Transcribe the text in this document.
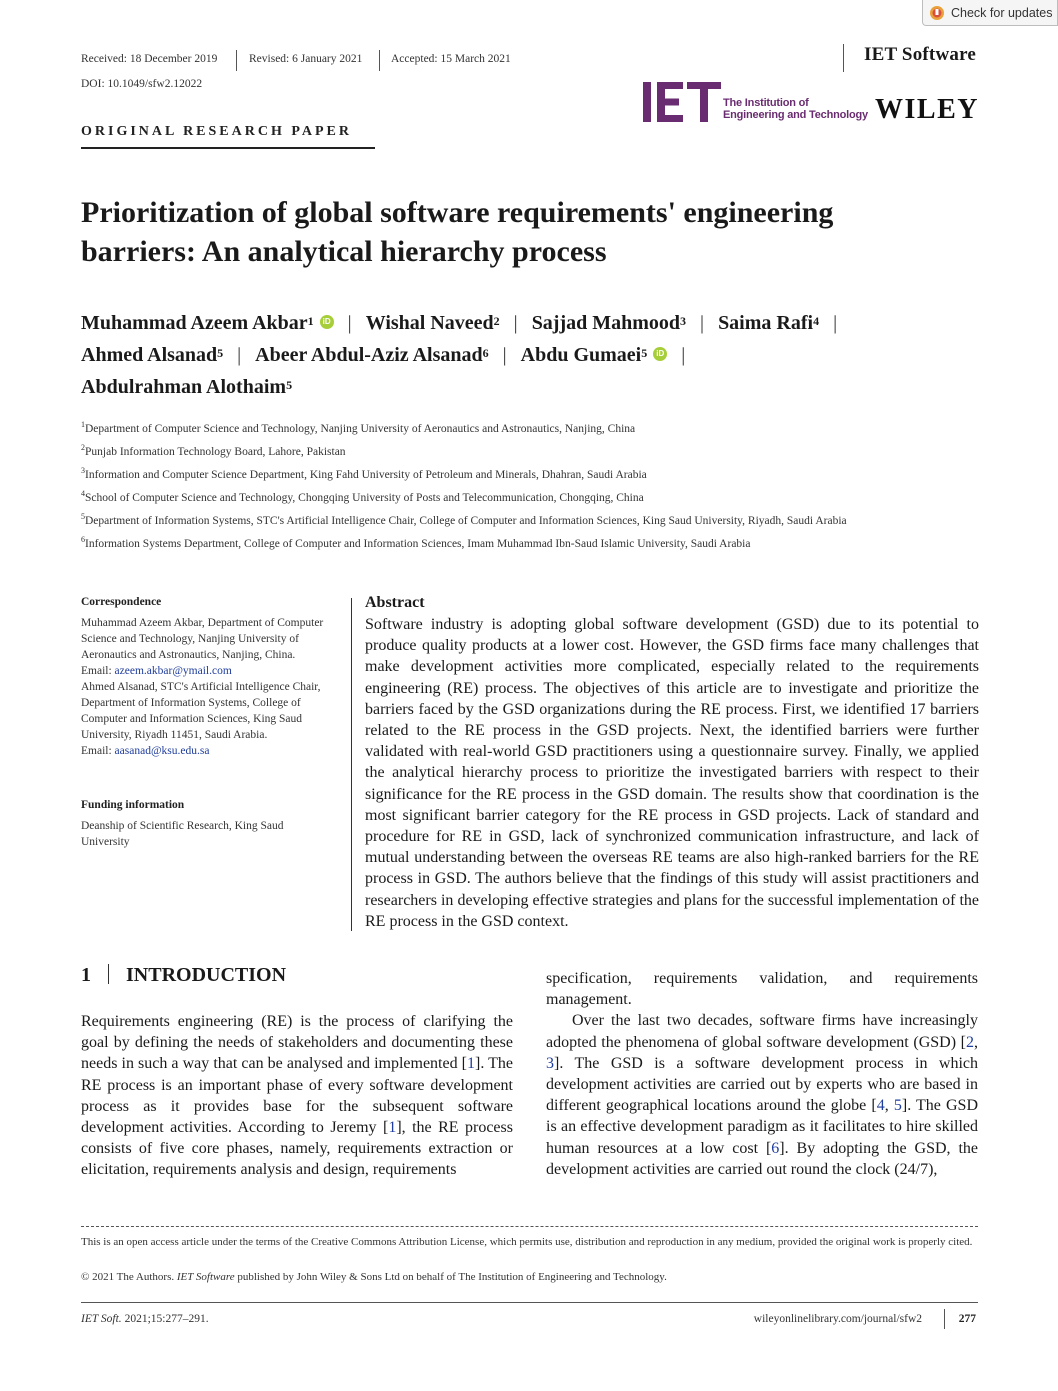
Check for updates
Received: 18 December 2019	Revised: 6 January 2021 Accepted: 15 March 2021	IET Software
DOI: 10.1049/sfw2.12022
The Institution of
Engineering and Technology WILEY
ORIGINAL RESEARCH PAPER
Prioritization of global software requirements' engineering barriers: An analytical hierarchy process
Muhammad Azeem Akbar$^1$ iD | Wishal Naveed$^2$ | Sajjad Mahmood$^3$ | Saima Rafi$^4$ |
Ahmed Alsanad$^5$ | Abeer Abdul-Aziz Alsanad$^6$ | Abdu Gumaei$^5$ iD |
Abdulrahman Alothaim$^5$
$^1$Department of Computer Science and Technology, Nanjing University of Aeronautics and Astronautics, Nanjing, China
$^2$Punjab Information Technology Board, Lahore, Pakistan
$^3$Information and Computer Science Department, King Fahd University of Petroleum and Minerals, Dhahran, Saudi Arabia
$^4$School of Computer Science and Technology, Chongqing University of Posts and Telecommunication, Chongqing, China
$^5$Department of Information Systems, STC's Artificial Intelligence Chair, College of Computer and Information Sciences, King Saud University, Riyadh, Saudi Arabia
$^6$Information Systems Department, College of Computer and Information Sciences, Imam Muhammad Ibn-Saud Islamic University, Saudi Arabia
Correspondence
Muhammad Azeem Akbar, Department of Computer Science and Technology, Nanjing University of Aeronautics and Astronautics, Nanjing, China.
Email: azeem.akbar@ymail.com
Ahmed Alsanad, STC's Artificial Intelligence Chair, Department of Information Systems, College of Computer and Information Sciences, King Saud University, Riyadh 11451, Saudi Arabia.
Email: aasanad@ksu.edu.sa
Funding information
Deanship of Scientific Research, King Saud University
Abstract
Software industry is adopting global software development (GSD) due to its potential to produce quality products at a lower cost. However, the GSD firms face many challenges that make development activities more complicated, especially related to the requirements engineering (RE) process. The objectives of this article are to investigate and prioritize the barriers faced by the GSD organizations during the RE process. First, we identified 17 barriers related to the RE process in the GSD projects. Next, the identified barriers were further validated with real-world GSD practitioners using a questionnaire survey. Finally, we applied the analytical hierarchy process to prioritize the investigated barriers with respect to their significance for the RE process in the GSD domain. The results show that coordination is the most significant barrier category for the RE process in GSD projects. Lack of standard and procedure for RE in GSD, lack of synchronized communication infrastructure, and lack of mutual understanding between the overseas RE teams are also high-ranked barriers for the RE process in GSD. The authors believe that the findings of this study will assist practitioners and researchers in developing effective strategies and plans for the successful implementation of the RE process in the GSD context.
1 INTRODUCTION
Requirements engineering (RE) is the process of clarifying the goal by defining the needs of stakeholders and documenting these needs in such a way that can be analysed and implemented [1]. The RE process is an important phase of every software development process as it provides base for the subsequent software development activities. According to Jeremy [1], the RE process consists of five core phases, namely, requirements extraction or elicitation, requirements analysis and design, requirements
specification, requirements validation, and requirements management.
Over the last two decades, software firms have increasingly adopted the phenomena of global software development (GSD) [2, 3]. The GSD is a software development process in which development activities are carried out by experts who are based in different geographical locations around the globe [4, 5]. The GSD is an effective development paradigm as it facilitates to hire skilled human resources at a low cost [6]. By adopting the GSD, the development activities are carried out round the clock (24/7),
This is an open access article under the terms of the Creative Commons Attribution License, which permits use, distribution and reproduction in any medium, provided the original work is properly cited.
© 2021 The Authors. IET Software published by John Wiley & Sons Ltd on behalf of The Institution of Engineering and Technology.
IET Soft. 2021;15:277–291.	wileyonlinelibrary.com/journal/sfw2	277
